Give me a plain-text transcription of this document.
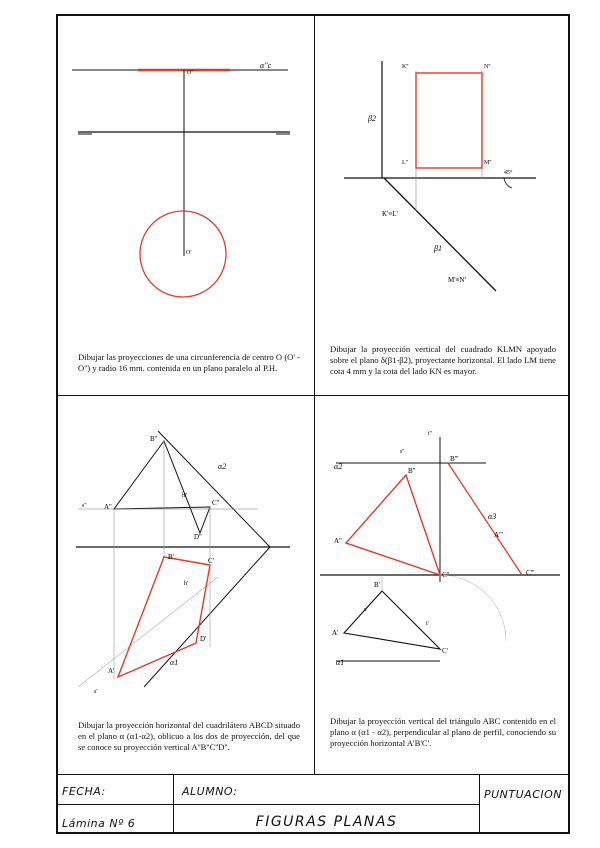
α''c
O''
O'
Dibujar las proyecciones de una circunferencia de centro O (O' - O'') y radio 16 mm. contenida en un plano paralelo al P.H.
K''	N''
L''	M''
β2
β1
K'≡L'
M'≡N'
45°
Dibujar la proyección vertical del cuadrado KLMN apoyado sobre el plano δ(β1-β2), proyectante horizontal. El lado LM tiene cota 4 mm y la cota del lado KN es mayor.
B''
A''	C''
D''
α2
α1
h''
s''
B'	C'
h'
D'
A'
s'
Dibujar la proyección horizontal del cuadrilátero ABCD situado en el plano α (α1-α2), oblicuo a los dos de proyección, del que se conoce su proyección vertical A''B''C''D''.
α2
α3
α1
B''
A''
C''
B'''
A'''
C'''
B'
A'
C'
s''
t''
s'
t'
Dibujar la proyección vertical del triángulo ABC contenido en el plano α (α1 - α2), perpendicular al plano de perfil, conociendo su proyección horizontal A'B'C'.
FECHA:	ALUMNO:	PUNTUACION
Lámina Nº 6	FIGURAS PLANAS
